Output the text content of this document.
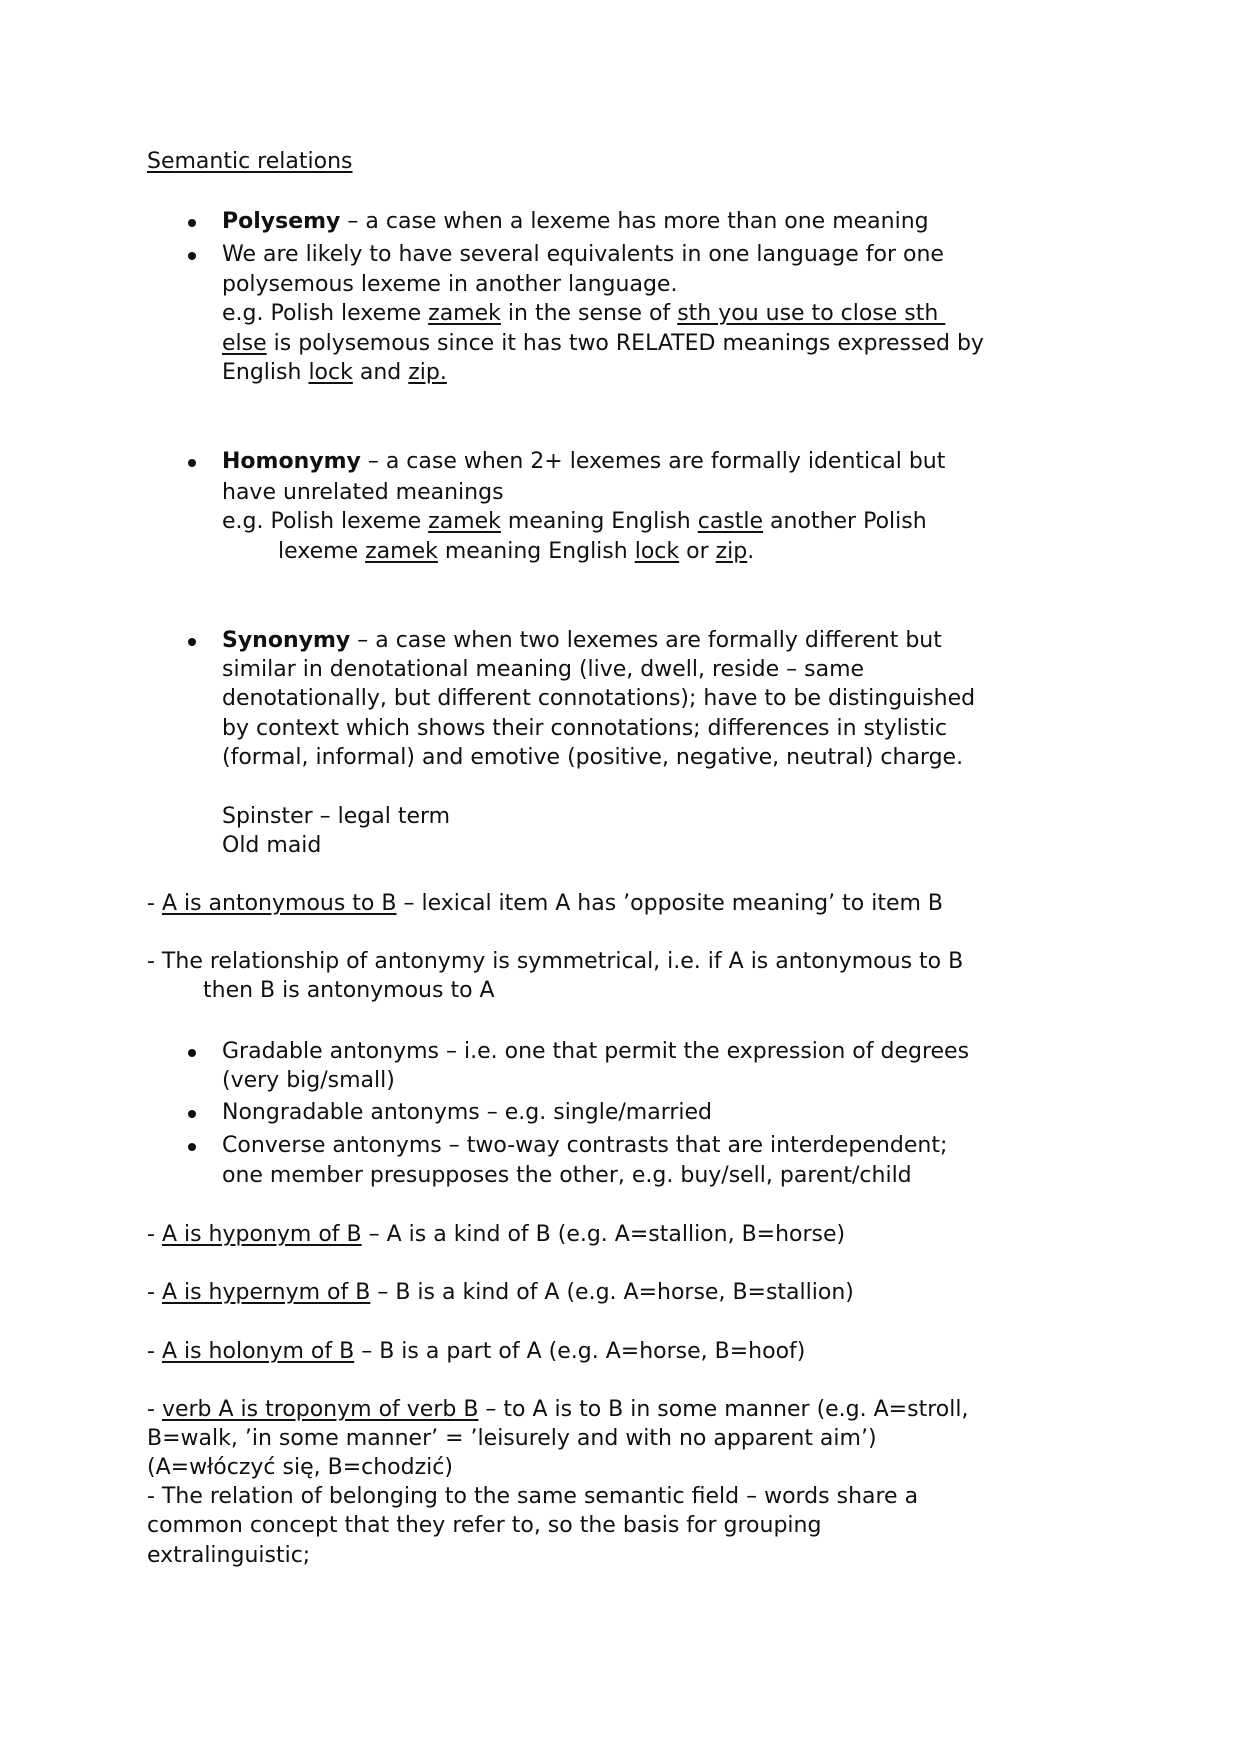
Semantic relations
Polysemy – a case when a lexeme has more than one meaning
We are likely to have several equivalents in one language for one
polysemous lexeme in another language.
e.g. Polish lexeme zamek in the sense of sth you use to close sth
else is polysemous since it has two RELATED meanings expressed by
English lock and zip.
Homonymy – a case when 2+ lexemes are formally identical but
have unrelated meanings
e.g. Polish lexeme zamek meaning English castle another Polish
lexeme zamek meaning English lock or zip.
Synonymy – a case when two lexemes are formally different but
similar in denotational meaning (live, dwell, reside – same
denotationally, but different connotations); have to be distinguished
by context which shows their connotations; differences in stylistic
(formal, informal) and emotive (positive, negative, neutral) charge.
Spinster – legal term
Old maid
- A is antonymous to B – lexical item A has ’opposite meaning’ to item B
- The relationship of antonymy is symmetrical, i.e. if A is antonymous to B
then B is antonymous to A
Gradable antonyms – i.e. one that permit the expression of degrees
(very big/small)
Nongradable antonyms – e.g. single/married
Converse antonyms – two-way contrasts that are interdependent;
one member presupposes the other, e.g. buy/sell, parent/child
- A is hyponym of B – A is a kind of B (e.g. A=stallion, B=horse)
- A is hypernym of B – B is a kind of A (e.g. A=horse, B=stallion)
- A is holonym of B – B is a part of A (e.g. A=horse, B=hoof)
- verb A is troponym of verb B – to A is to B in some manner (e.g. A=stroll,
B=walk, ’in some manner’ = ’leisurely and with no apparent aim’)
(A=włóczyć się, B=chodzić)
- The relation of belonging to the same semantic field – words share a
common concept that they refer to, so the basis for grouping
extralinguistic;
